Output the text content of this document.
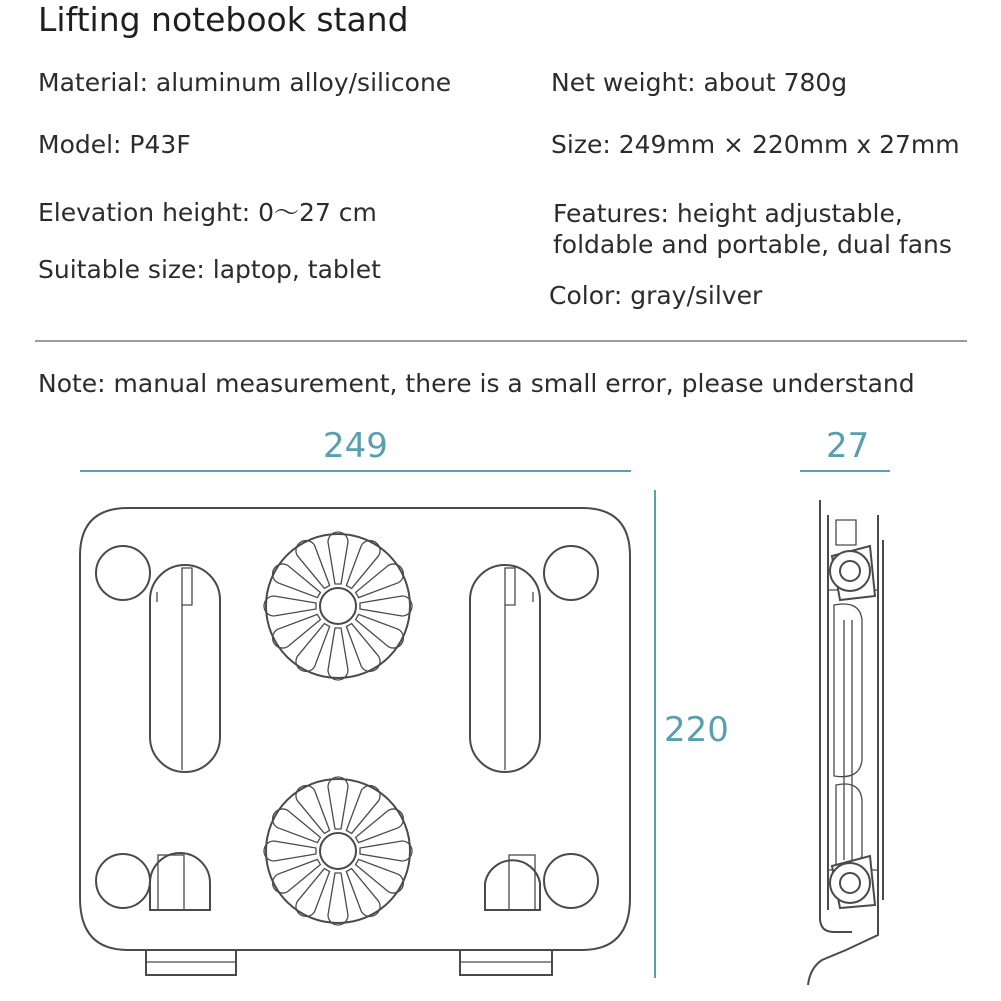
Lifting notebook stand
Material: aluminum alloy/silicone
Model: P43F
Elevation height: 0〜27 cm
Suitable size: laptop, tablet
Net weight: about 780g
Size: 249mm × 220mm x 27mm
Features: height adjustable,
foldable and portable, dual fans
Color: gray/silver
Note: manual measurement, there is a small error, please understand
249	27
220
